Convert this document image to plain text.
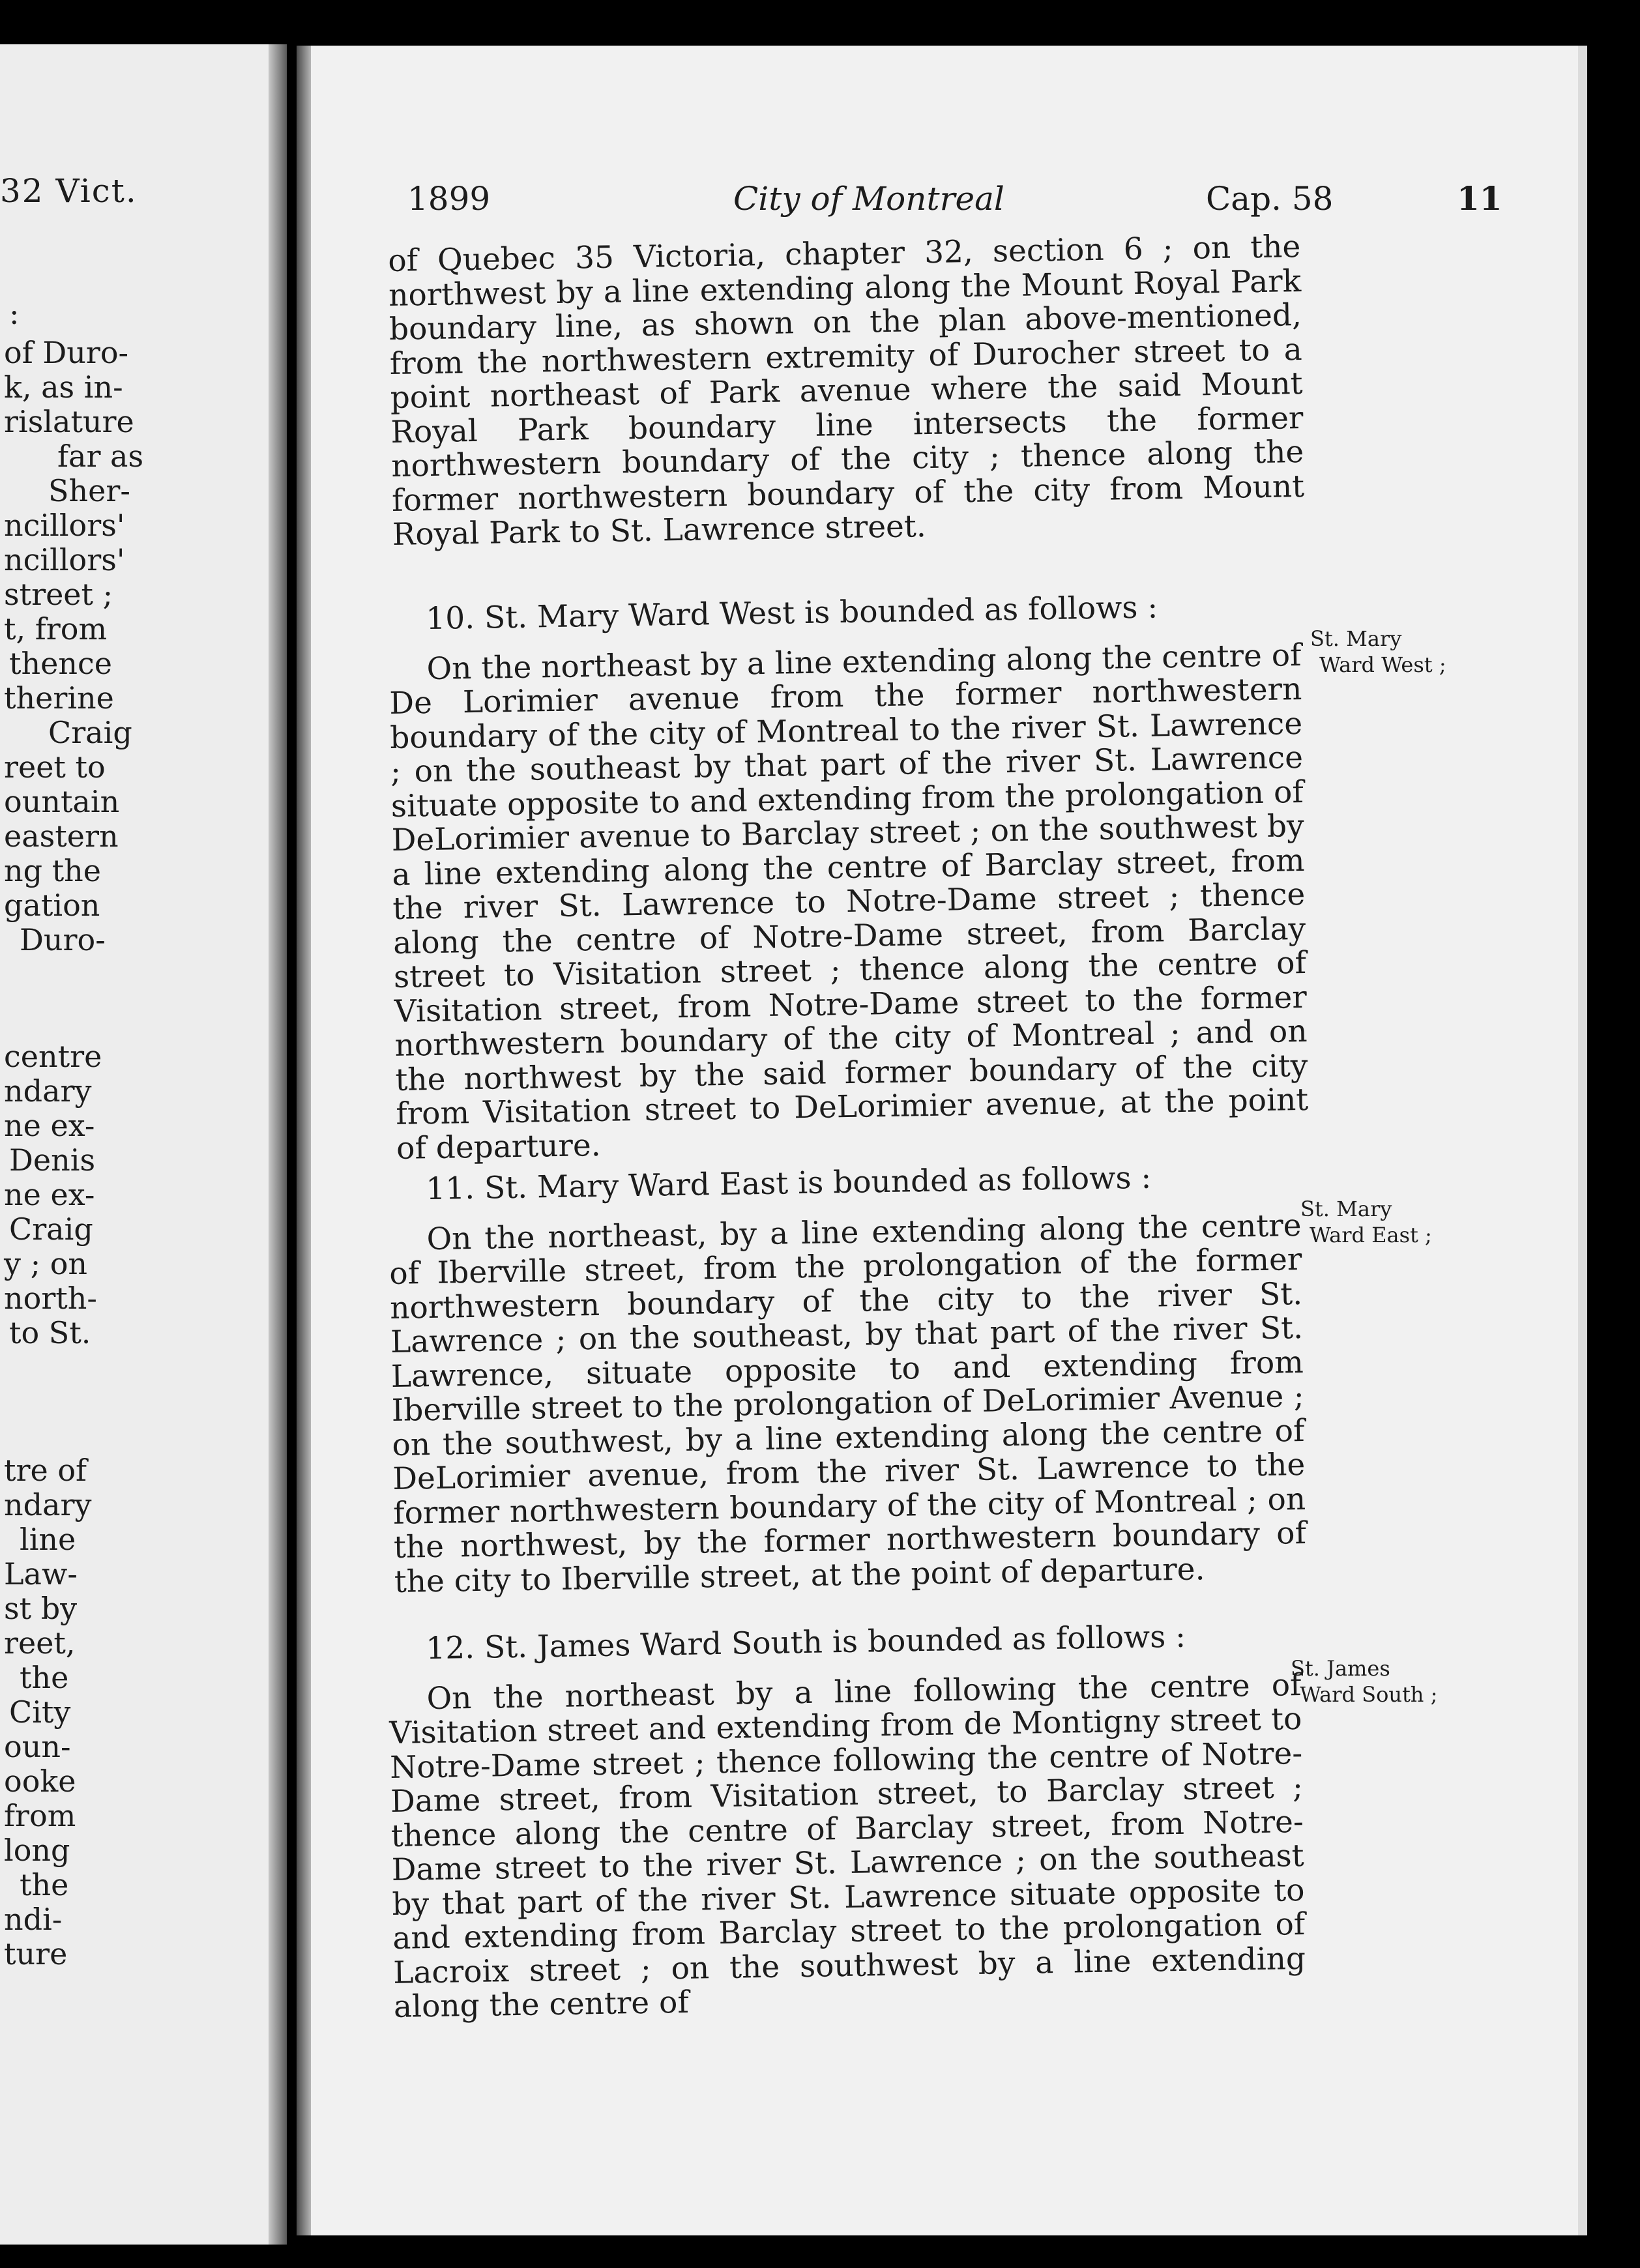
32 Vict.
:
of Duro-
k, as in-
rislature
far as
Sher-
ncillors'
ncillors'
street ;
t, from
thence
therine
Craig
reet to
ountain
eastern
ng the
gation
Duro-
centre
ndary
ne ex-
Denis
ne ex-
Craig
y ; on
north-
to St.
tre of
ndary
line
Law-
st by
reet,
the
City
oun-
ooke
from
long
the
ndi-
ture
1899	City of Montreal	Cap. 58	11

of Quebec 35 Victoria, chapter 32, section 6 ; on the northwest by a line extending along the Mount Royal Park boundary line, as shown on the plan above-mentioned, from the northwestern extremity of Durocher street to a point northeast of Park avenue where the said Mount Royal Park boundary line intersects the former northwestern boundary of the city ; thence along the former northwestern boundary of the city from Mount Royal Park to St. Lawrence street.

10. St. Mary Ward West is bounded as follows :

On the northeast by a line extending along the centre of De Lorimier avenue from the former northwestern boundary of the city of Montreal to the river St. Lawrence ; on the southeast by that part of the river St. Lawrence situate opposite to and extending from the prolongation of DeLorimier avenue to Barclay street ; on the southwest by a line extending along the centre of Barclay street, from the river St. Lawrence to Notre-Dame street ; thence along the centre of Notre-Dame street, from Barclay street to Visitation street ; thence along the centre of Visitation street, from Notre-Dame street to the former northwestern boundary of the city of Montreal ; and on the northwest by the said former boundary of the city from Visitation street to DeLorimier avenue, at the point of departure.

11. St. Mary Ward East is bounded as follows :

On the northeast, by a line extending along the centre of Iberville street, from the prolongation of the former northwestern boundary of the city to the river St. Lawrence ; on the southeast, by that part of the river St. Lawrence, situate opposite to and extending from Iberville street to the prolongation of DeLorimier Avenue ; on the southwest, by a line extending along the centre of DeLorimier avenue, from the river St. Lawrence to the former northwestern boundary of the city of Montreal ; on the northwest, by the former northwestern boundary of the city to Iberville street, at the point of departure.

12. St. James Ward South is bounded as follows :

On the northeast by a line following the centre of Visitation street and extending from de Montigny street to Notre-Dame street ; thence following the centre of Notre-Dame street, from Visitation street, to Barclay street ; thence along the centre of Barclay street, from Notre-Dame street to the river St. Lawrence ; on the southeast by that part of the river St. Lawrence situate opposite to and extending from Barclay street to the prolongation of Lacroix street ; on the southwest by a line extending along the centre of

St. Mary
Ward West ;
St. Mary
Ward East ;
St. James
Ward South ;
